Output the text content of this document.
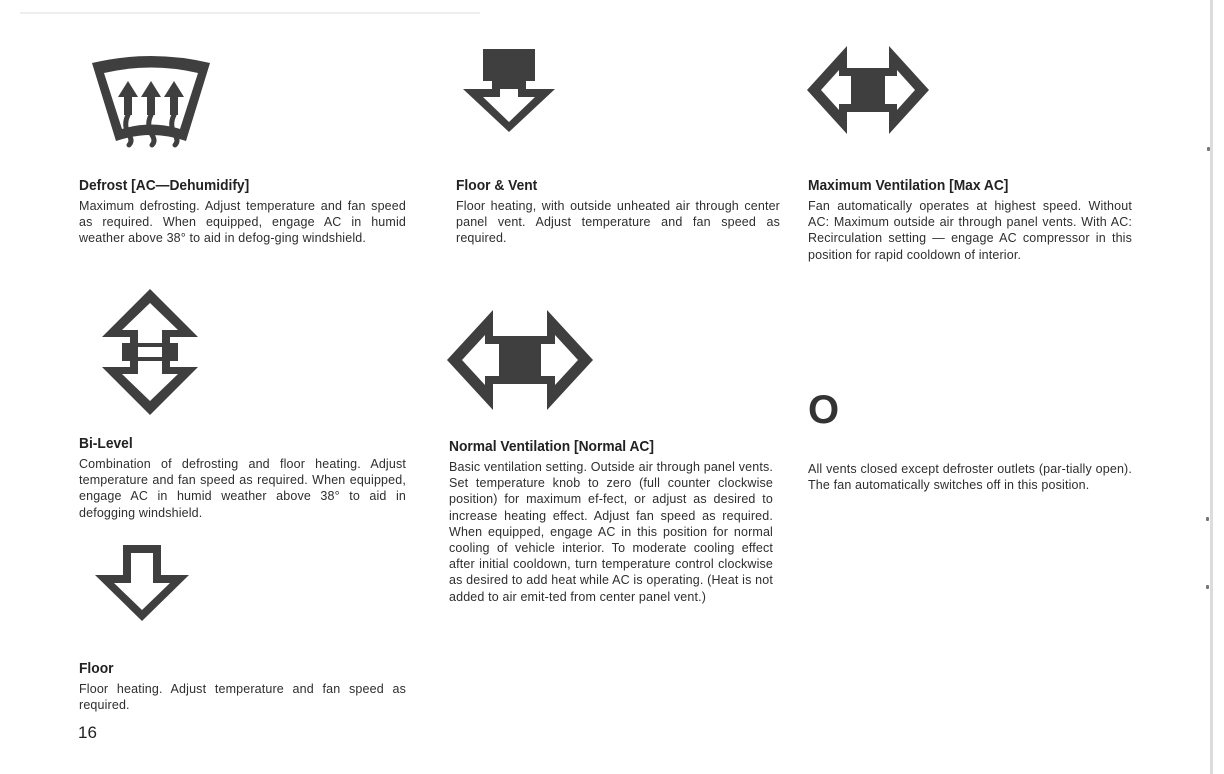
O
Defrost [AC—Dehumidify]
Maximum defrosting. Adjust temperature and fan speed as required. When equipped, engage AC in humid weather above 38° to aid in defog-ging windshield.
Floor & Vent
Floor heating, with outside unheated air through center panel vent. Adjust temperature and fan speed as required.
Maximum Ventilation [Max AC]
Fan automatically operates at highest speed. Without AC: Maximum outside air through panel vents. With AC: Recirculation setting — engage AC compressor in this position for rapid cooldown of interior.
Bi-Level
Combination of defrosting and floor heating. Adjust temperature and fan speed as required. When equipped, engage AC in humid weather above 38° to aid in defogging windshield.
Normal Ventilation [Normal AC]
Basic ventilation setting. Outside air through panel vents. Set temperature knob to zero (full counter clockwise position) for maximum ef-fect, or adjust as desired to increase heating effect. Adjust fan speed as required. When equipped, engage AC in this position for normal cooling of vehicle interior. To moderate cooling effect after initial cooldown, turn temperature control clockwise as desired to add heat while AC is operating. (Heat is not added to air emit-ted from center panel vent.)
All vents closed except defroster outlets (par-tially open). The fan automatically switches off in this position.
Floor
Floor heating. Adjust temperature and fan speed as required.
16
